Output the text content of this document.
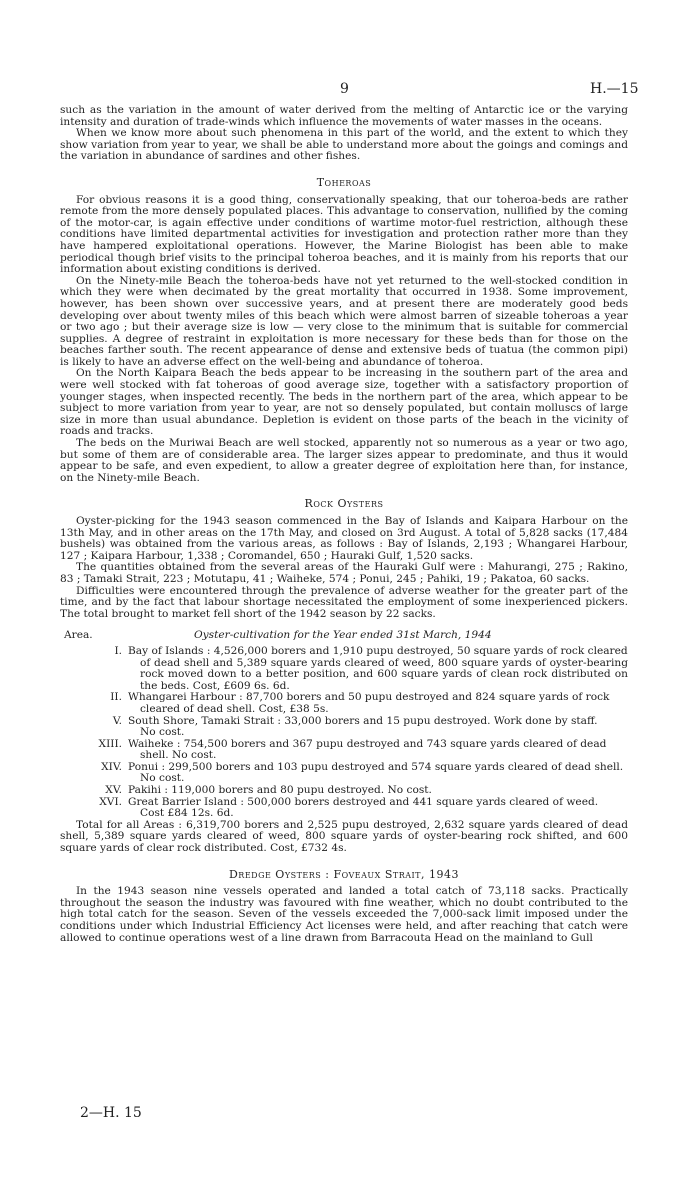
9	H.—15

such as the variation in the amount of water derived from the melting of Antarctic ice or the varying intensity and duration of trade-winds which influence the movements of water masses in the oceans.

When we know more about such phenomena in this part of the world, and the extent to which they show variation from year to year, we shall be able to understand more about the goings and comings and the variation in abundance of sardines and other fishes.

Toheroas

For obvious reasons it is a good thing, conservationally speaking, that our toheroa-beds are rather remote from the more densely populated places. This advantage to conservation, nullified by the coming of the motor-car, is again effective under conditions of wartime motor-fuel restriction, although these conditions have limited departmental activities for investigation and protection rather more than they have hampered exploitational operations. However, the Marine Biologist has been able to make periodical though brief visits to the principal toheroa beaches, and it is mainly from his reports that our information about existing conditions is derived.

On the Ninety-mile Beach the toheroa-beds have not yet returned to the well-stocked condition in which they were when decimated by the great mortality that occurred in 1938. Some improvement, however, has been shown over successive years, and at present there are moderately good beds developing over about twenty miles of this beach which were almost barren of sizeable toheroas a year or two ago ; but their average size is low — very close to the minimum that is suitable for commercial supplies. A degree of restraint in exploitation is more necessary for these beds than for those on the beaches farther south. The recent appearance of dense and extensive beds of tuatua (the common pipi) is likely to have an adverse effect on the well-being and abundance of toheroa.

On the North Kaipara Beach the beds appear to be increasing in the southern part of the area and were well stocked with fat toheroas of good average size, together with a satisfactory proportion of younger stages, when inspected recently. The beds in the northern part of the area, which appear to be subject to more variation from year to year, are not so densely populated, but contain molluscs of large size in more than usual abundance. Depletion is evident on those parts of the beach in the vicinity of roads and tracks.

The beds on the Muriwai Beach are well stocked, apparently not so numerous as a year or two ago, but some of them are of considerable area. The larger sizes appear to predominate, and thus it would appear to be safe, and even expedient, to allow a greater degree of exploitation here than, for instance, on the Ninety-mile Beach.

Rock Oysters

Oyster-picking for the 1943 season commenced in the Bay of Islands and Kaipara Harbour on the 13th May, and in other areas on the 17th May, and closed on 3rd August. A total of 5,828 sacks (17,484 bushels) was obtained from the various areas, as follows : Bay of Islands, 2,193 ; Whangarei Harbour, 127 ; Kaipara Harbour, 1,338 ; Coromandel, 650 ; Hauraki Gulf, 1,520 sacks.

The quantities obtained from the several areas of the Hauraki Gulf were : Mahurangi, 275 ; Rakino, 83 ; Tamaki Strait, 223 ; Motutapu, 41 ; Waiheke, 574 ; Ponui, 245 ; Pahiki, 19 ; Pakatoa, 60 sacks.

Difficulties were encountered through the prevalence of adverse weather for the greater part of the time, and by the fact that labour shortage necessitated the employment of some inexperienced pickers. The total brought to market fell short of the 1942 season by 22 sacks.

Area.	Oyster-cultivation for the Year ended 31st March, 1944
I. Bay of Islands : 4,526,000 borers and 1,910 pupu destroyed, 50 square yards of rock cleared
of dead shell and 5,389 square yards cleared of weed, 800 square yards of oyster-bearing rock moved down to a better position, and 600 square yards of clean rock distributed on the beds. Cost, £609 6s. 6d.
II. Whangarei Harbour : 87,700 borers and 50 pupu destroyed and 824 square yards of rock
cleared of dead shell. Cost, £38 5s.
V. South Shore, Tamaki Strait : 33,000 borers and 15 pupu destroyed. Work done by staff.
No cost.
XIII. Waiheke : 754,500 borers and 367 pupu destroyed and 743 square yards cleared of dead
shell. No cost.
XIV. Ponui : 299,500 borers and 103 pupu destroyed and 574 square yards cleared of dead shell.
No cost.
XV. Pakihi : 119,000 borers and 80 pupu destroyed. No cost.
XVI. Great Barrier Island : 500,000 borers destroyed and 441 square yards cleared of weed.
Cost £84 12s. 6d.

Total for all Areas : 6,319,700 borers and 2,525 pupu destroyed, 2,632 square yards cleared of dead shell, 5,389 square yards cleared of weed, 800 square yards of oyster-bearing rock shifted, and 600 square yards of clear rock distributed. Cost, £732 4s.

Dredge Oysters : Foveaux Strait, 1943

In the 1943 season nine vessels operated and landed a total catch of 73,118 sacks. Practically throughout the season the industry was favoured with fine weather, which no doubt contributed to the high total catch for the season. Seven of the vessels exceeded the 7,000-sack limit imposed under the conditions under which Industrial Efficiency Act licenses were held, and after reaching that catch were allowed to continue operations west of a line drawn from Barracouta Head on the mainland to Gull

2—H. 15
